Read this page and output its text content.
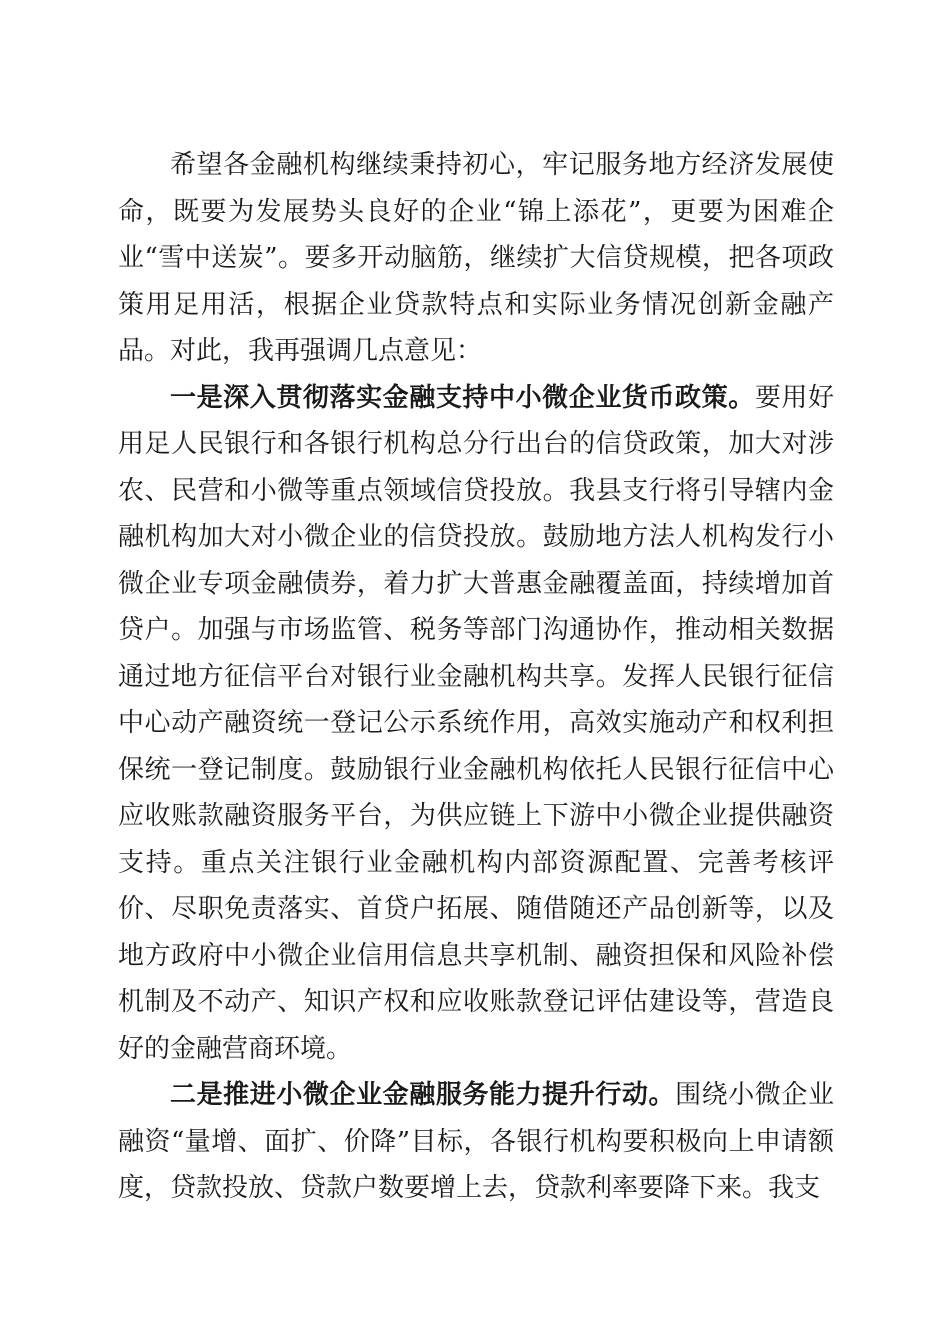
希望各金融机构继续秉持初心，牢记服务地方经济发展使命，既要为发展势头良好的企业“锦上添花”，更要为困难企业“雪中送炭”。要多开动脑筋，继续扩大信贷规模，把各项政策用足用活，根据企业贷款特点和实际业务情况创新金融产品。对此，我再强调几点意见：

一是深入贯彻落实金融支持中小微企业货币政策。要用好用足人民银行和各银行机构总分行出台的信贷政策，加大对涉农、民营和小微等重点领域信贷投放。我县支行将引导辖内金融机构加大对小微企业的信贷投放。鼓励地方法人机构发行小微企业专项金融债券，着力扩大普惠金融覆盖面，持续增加首贷户。加强与市场监管、税务等部门沟通协作，推动相关数据通过地方征信平台对银行业金融机构共享。发挥人民银行征信中心动产融资统一登记公示系统作用，高效实施动产和权利担保统一登记制度。鼓励银行业金融机构依托人民银行征信中心应收账款融资服务平台，为供应链上下游中小微企业提供融资支持。重点关注银行业金融机构内部资源配置、完善考核评价、尽职免责落实、首贷户拓展、随借随还产品创新等，以及地方政府中小微企业信用信息共享机制、融资担保和风险补偿机制及不动产、知识产权和应收账款登记评估建设等，营造良好的金融营商环境。

二是推进小微企业金融服务能力提升行动。围绕小微企业融资“量增、面扩、价降”目标，各银行机构要积极向上申请额度，贷款投放、贷款户数要增上去，贷款利率要降下来。我支
